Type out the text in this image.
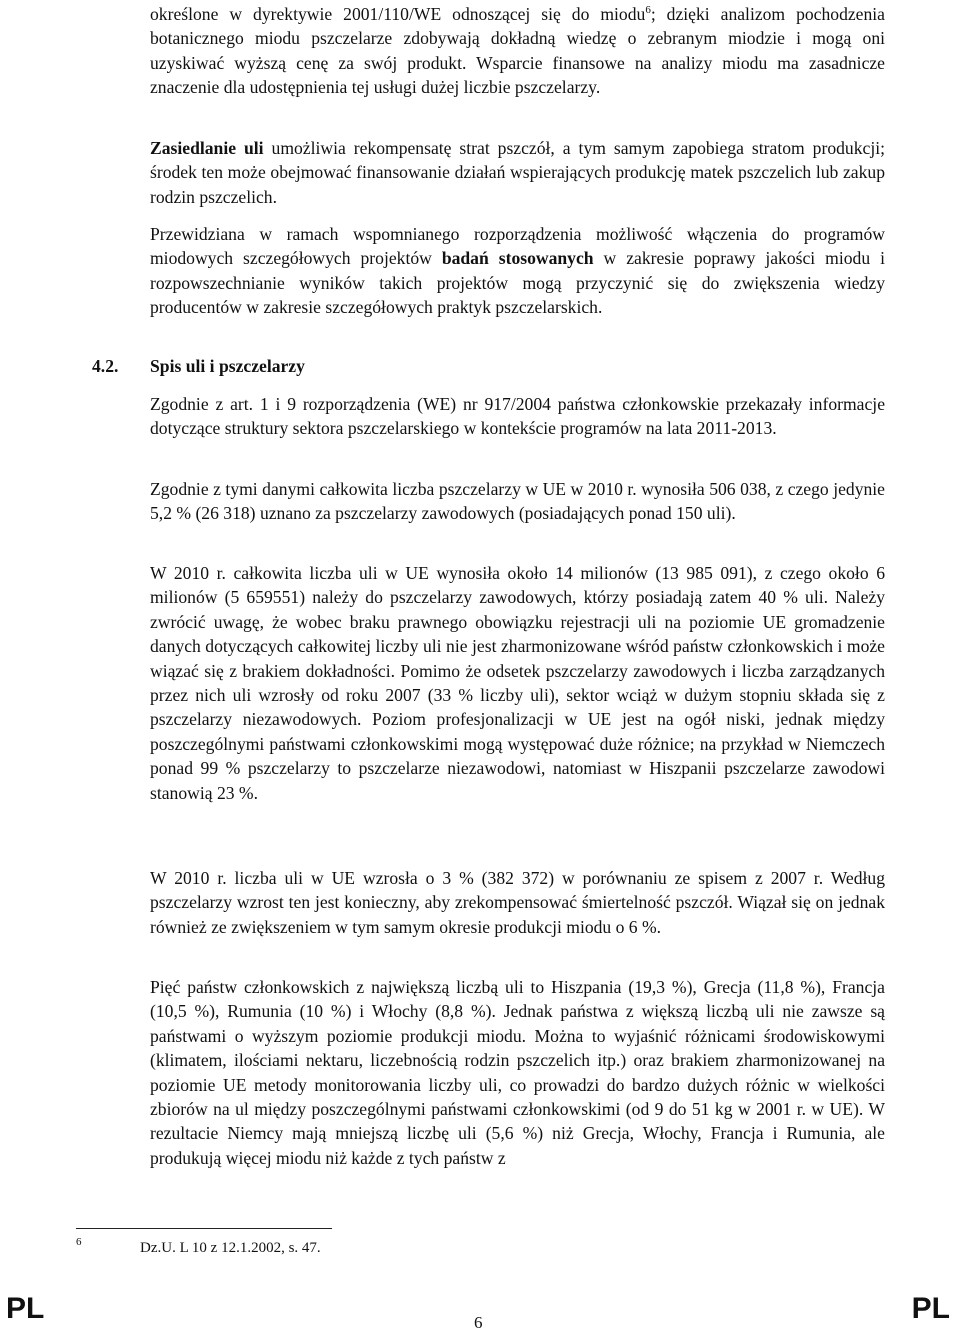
określone w dyrektywie 2001/110/WE odnoszącej się do miodu$^6$; dzięki analizom pochodzenia botanicznego miodu pszczelarze zdobywają dokładną wiedzę o zebranym miodzie i mogą oni uzyskiwać wyższą cenę za swój produkt. Wsparcie finansowe na analizy miodu ma zasadnicze znaczenie dla udostępnienia tej usługi dużej liczbie pszczelarzy.

Zasiedlanie uli umożliwia rekompensatę strat pszczół, a tym samym zapobiega stratom produkcji; środek ten może obejmować finansowanie działań wspierających produkcję matek pszczelich lub zakup rodzin pszczelich.

Przewidziana w ramach wspomnianego rozporządzenia możliwość włączenia do programów miodowych szczegółowych projektów badań stosowanych w zakresie poprawy jakości miodu i rozpowszechnianie wyników takich projektów mogą przyczynić się do zwiększenia wiedzy producentów w zakresie szczegółowych praktyk pszczelarskich.

4.2. Spis uli i pszczelarzy

Zgodnie z art. 1 i 9 rozporządzenia (WE) nr 917/2004 państwa członkowskie przekazały informacje dotyczące struktury sektora pszczelarskiego w kontekście programów na lata 2011-2013.

Zgodnie z tymi danymi całkowita liczba pszczelarzy w UE w 2010 r. wynosiła 506 038, z czego jedynie 5,2 % (26 318) uznano za pszczelarzy zawodowych (posiadających ponad 150 uli).

W 2010 r. całkowita liczba uli w UE wynosiła około 14 milionów (13 985 091), z czego około 6 milionów (5 659551) należy do pszczelarzy zawodowych, którzy posiadają zatem 40 % uli. Należy zwrócić uwagę, że wobec braku prawnego obowiązku rejestracji uli na poziomie UE gromadzenie danych dotyczących całkowitej liczby uli nie jest zharmonizowane wśród państw członkowskich i może wiązać się z brakiem dokładności. Pomimo że odsetek pszczelarzy zawodowych i liczba zarządzanych przez nich uli wzrosły od roku 2007 (33 % liczby uli), sektor wciąż w dużym stopniu składa się z pszczelarzy niezawodowych. Poziom profesjonalizacji w UE jest na ogół niski, jednak między poszczególnymi państwami członkowskimi mogą występować duże różnice; na przykład w Niemczech ponad 99 % pszczelarzy to pszczelarze niezawodowi, natomiast w Hiszpanii pszczelarze zawodowi stanowią 23 %.

W 2010 r. liczba uli w UE wzrosła o 3 % (382 372) w porównaniu ze spisem z 2007 r. Według pszczelarzy wzrost ten jest konieczny, aby zrekompensować śmiertelność pszczół. Wiązał się on jednak również ze zwiększeniem w tym samym okresie produkcji miodu o 6 %.

Pięć państw członkowskich z największą liczbą uli to Hiszpania (19,3 %), Grecja (11,8 %), Francja (10,5 %), Rumunia (10 %) i Włochy (8,8 %). Jednak państwa z większą liczbą uli nie zawsze są państwami o wyższym poziomie produkcji miodu. Można to wyjaśnić różnicami środowiskowymi (klimatem, ilościami nektaru, liczebnością rodzin pszczelich itp.) oraz brakiem zharmonizowanej na poziomie UE metody monitorowania liczby uli, co prowadzi do bardzo dużych różnic w wielkości zbiorów na ul między poszczególnymi państwami członkowskimi (od 9 do 51 kg w 2001 r. w UE). W rezultacie Niemcy mają mniejszą liczbę uli (5,6 %) niż Grecja, Włochy, Francja i Rumunia, ale produkują więcej miodu niż każde z tych państw z

6	Dz.U. L 10 z 12.1.2002, s. 47.
PL	6	PL
